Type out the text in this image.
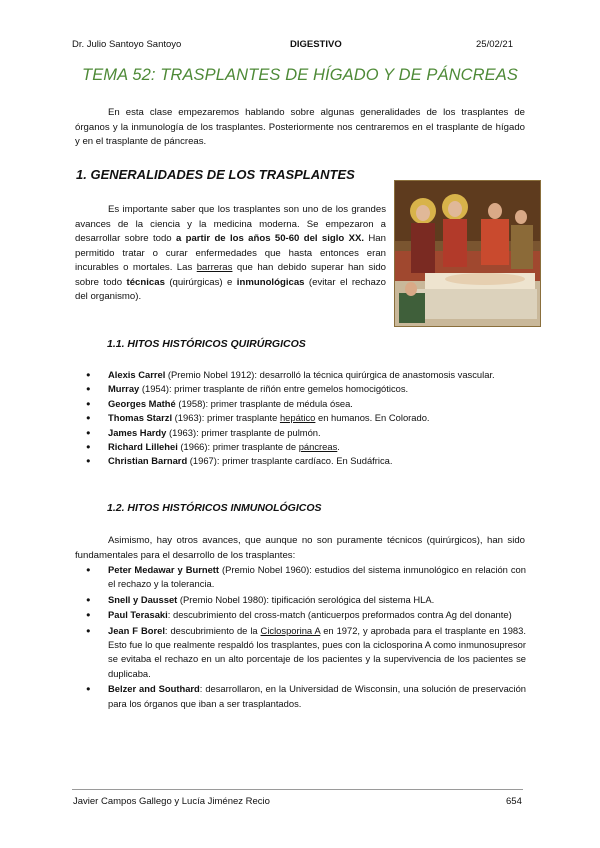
Dr. Julio Santoyo Santoyo	DIGESTIVO	25/02/21
TEMA 52: TRASPLANTES DE HÍGADO Y DE PÁNCREAS
En esta clase empezaremos hablando sobre algunas generalidades de los trasplantes de órganos y la inmunología de los trasplantes. Posteriormente nos centraremos en el trasplante de hígado y en el trasplante de páncreas.
1. GENERALIDADES DE LOS TRASPLANTES
Es importante saber que los trasplantes son uno de los grandes avances de la ciencia y la medicina moderna. Se empezaron a desarrollar sobre todo a partir de los años 50-60 del siglo XX. Han permitido tratar o curar enfermedades que hasta entonces eran incurables o mortales. Las barreras que han debido superar han sido sobre todo técnicas (quirúrgicas) e inmunológicas (evitar el rechazo del organismo).
1.1. HITOS HISTÓRICOS QUIRÚRGICOS
● Alexis Carrel (Premio Nobel 1912): desarrolló la técnica quirúrgica de anastomosis vascular.
● Murray (1954): primer trasplante de riñón entre gemelos homocigóticos.
● Georges Mathé (1958): primer trasplante de médula ósea.
● Thomas Starzl (1963): primer trasplante hepático en humanos. En Colorado.
● James Hardy (1963): primer trasplante de pulmón.
● Richard Lillehei (1966): primer trasplante de páncreas.
● Christian Barnard (1967): primer trasplante cardíaco. En Sudáfrica.
1.2. HITOS HISTÓRICOS INMUNOLÓGICOS
Asimismo, hay otros avances, que aunque no son puramente técnicos (quirúrgicos), han sido fundamentales para el desarrollo de los trasplantes:
● Peter Medawar y Burnett (Premio Nobel 1960): estudios del sistema inmunológico en relación con el rechazo y la tolerancia.
● Snell y Dausset (Premio Nobel 1980): tipificación serológica del sistema HLA.
● Paul Terasaki: descubrimiento del cross-match (anticuerpos preformados contra Ag del donante)
● Jean F Borel: descubrimiento de la Ciclosporina A en 1972, y aprobada para el trasplante en 1983. Esto fue lo que realmente respaldó los trasplantes, pues con la ciclosporina A como inmunosupresor se evitaba el rechazo en un alto porcentaje de los pacientes y la supervivencia de los pacientes se duplicaba.
● Belzer and Southard: desarrollaron, en la Universidad de Wisconsin, una solución de preservación para los órganos que iban a ser trasplantados.
Javier Campos Gallego y Lucía Jiménez Recio	654
